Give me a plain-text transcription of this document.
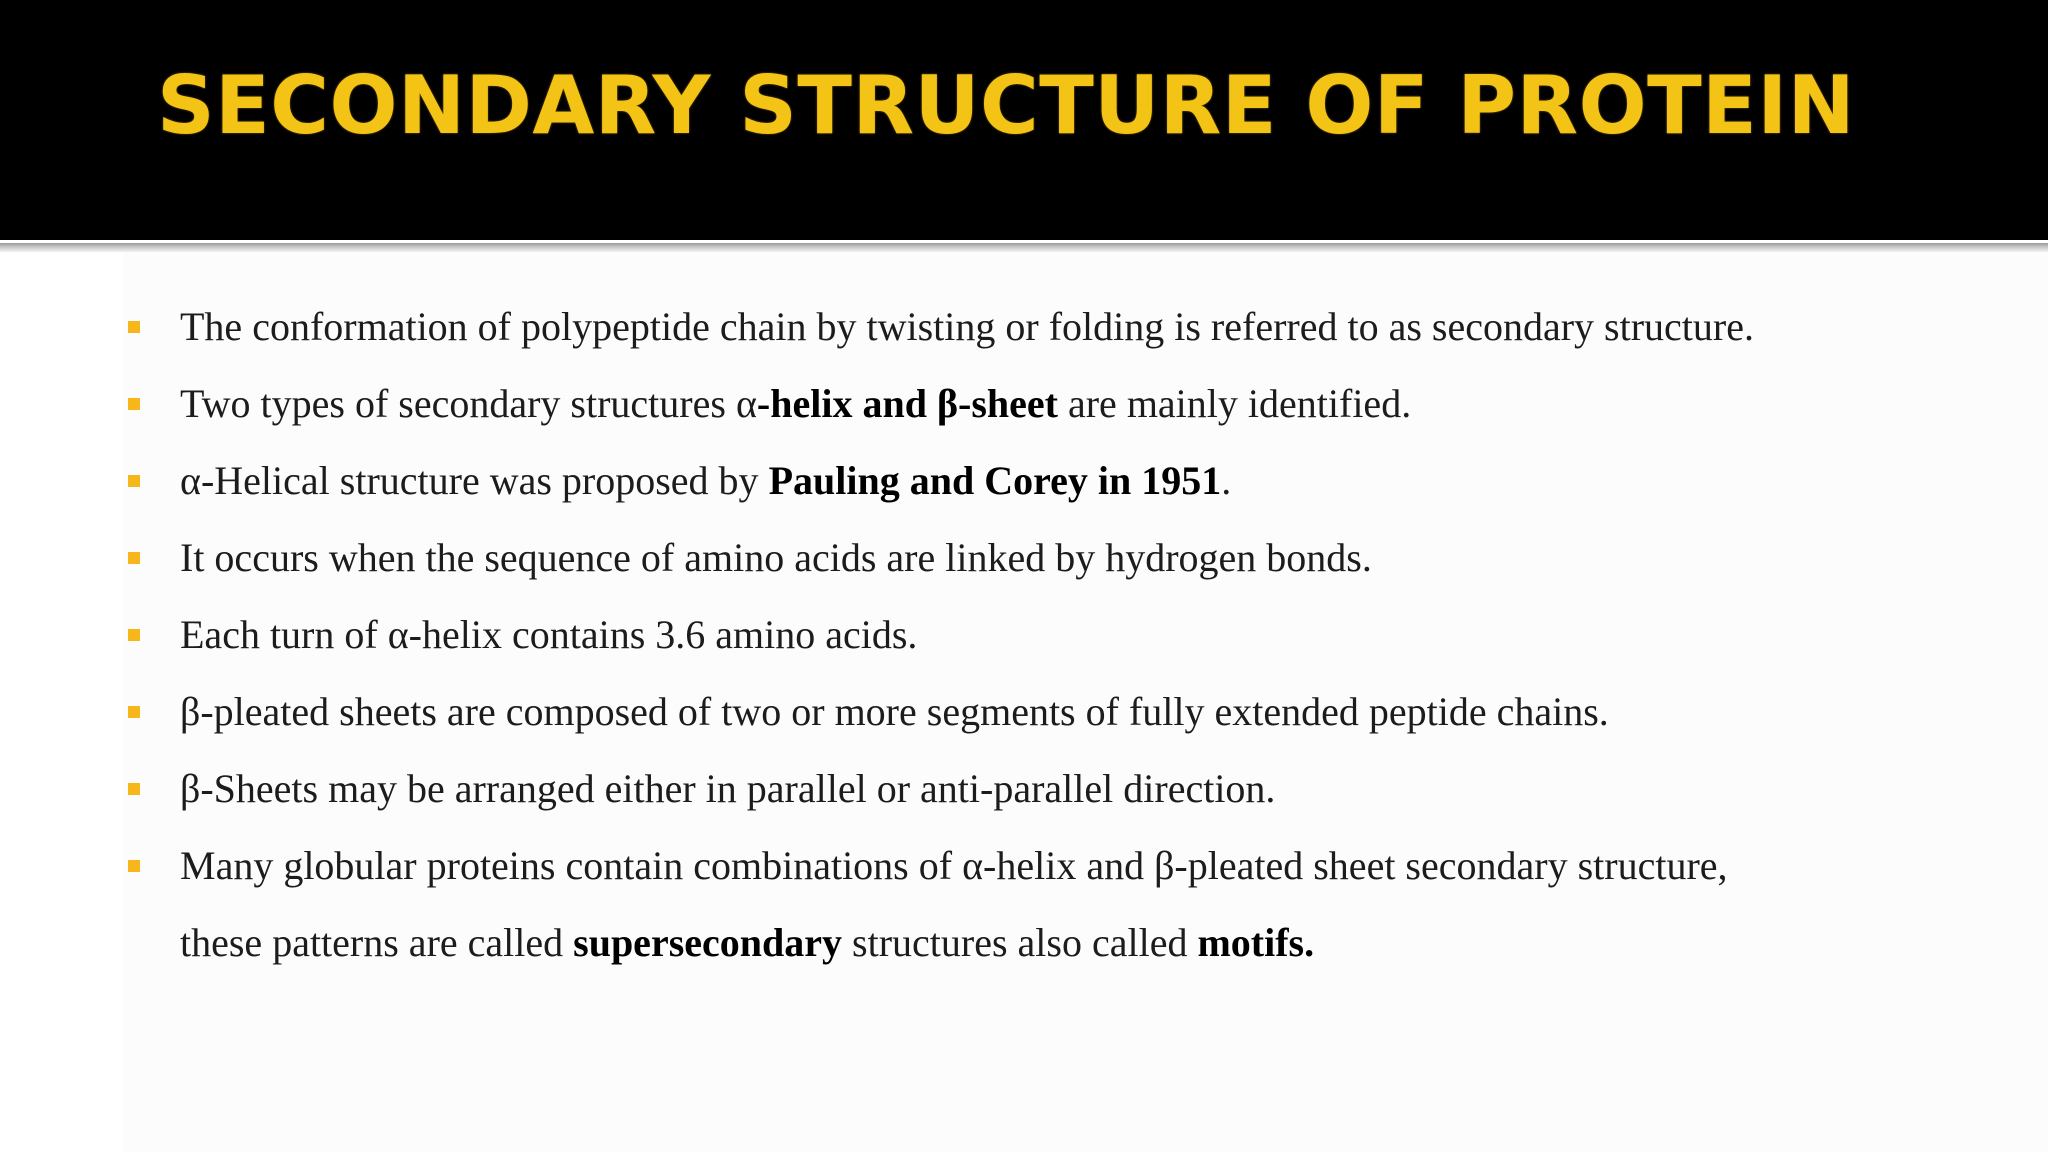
SECONDARY STRUCTURE OF PROTEIN
The conformation of polypeptide chain by twisting or folding is referred to as secondary structure.
Two types of secondary structures α-helix and β-sheet are mainly identified.
α-Helical structure was proposed by Pauling and Corey in 1951.
It occurs when the sequence of amino acids are linked by hydrogen bonds.
Each turn of α-helix contains 3.6 amino acids.
β-pleated sheets are composed of two or more segments of fully extended peptide chains.
β-Sheets may be arranged either in parallel or anti-parallel direction.
Many globular proteins contain combinations of α-helix and β-pleated sheet secondary structure,
these patterns are called supersecondary structures also called motifs.
